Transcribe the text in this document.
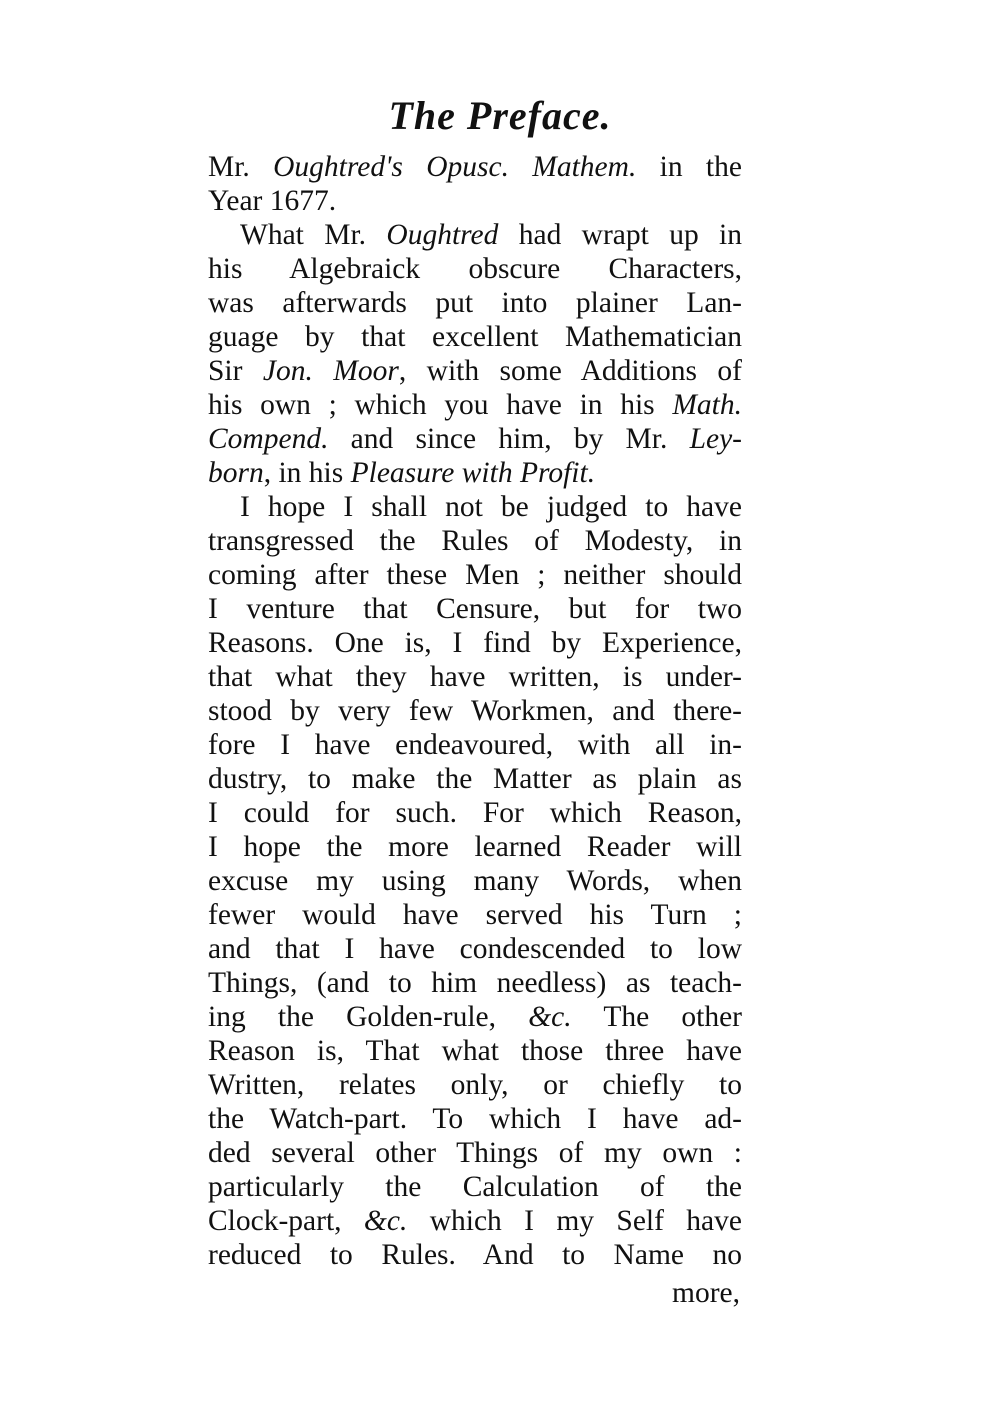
The Preface.
Mr. Oughtred's Opusc. Mathem. in the
Year 1677.
What Mr. Oughtred had wrapt up in
his Algebraick obscure Characters,
was afterwards put into plainer Lan-
guage by that excellent Mathematician
Sir Jon. Moor, with some Additions of
his own ; which you have in his Math.
Compend. and since him, by Mr. Ley-
born, in his Pleasure with Profit.
I hope I shall not be judged to have
transgressed the Rules of Modesty, in
coming after these Men ; neither should
I venture that Censure, but for two
Reasons. One is, I find by Experience,
that what they have written, is under-
stood by very few Workmen, and there-
fore I have endeavoured, with all in-
dustry, to make the Matter as plain as
I could for such. For which Reason,
I hope the more learned Reader will
excuse my using many Words, when
fewer would have served his Turn ;
and that I have condescended to low
Things, (and to him needless) as teach-
ing the Golden-rule, &c. The other
Reason is, That what those three have
Written, relates only, or chiefly to
the Watch-part. To which I have ad-
ded several other Things of my own :
particularly the Calculation of the
Clock-part, &c. which I my Self have
reduced to Rules. And to Name no
more,
